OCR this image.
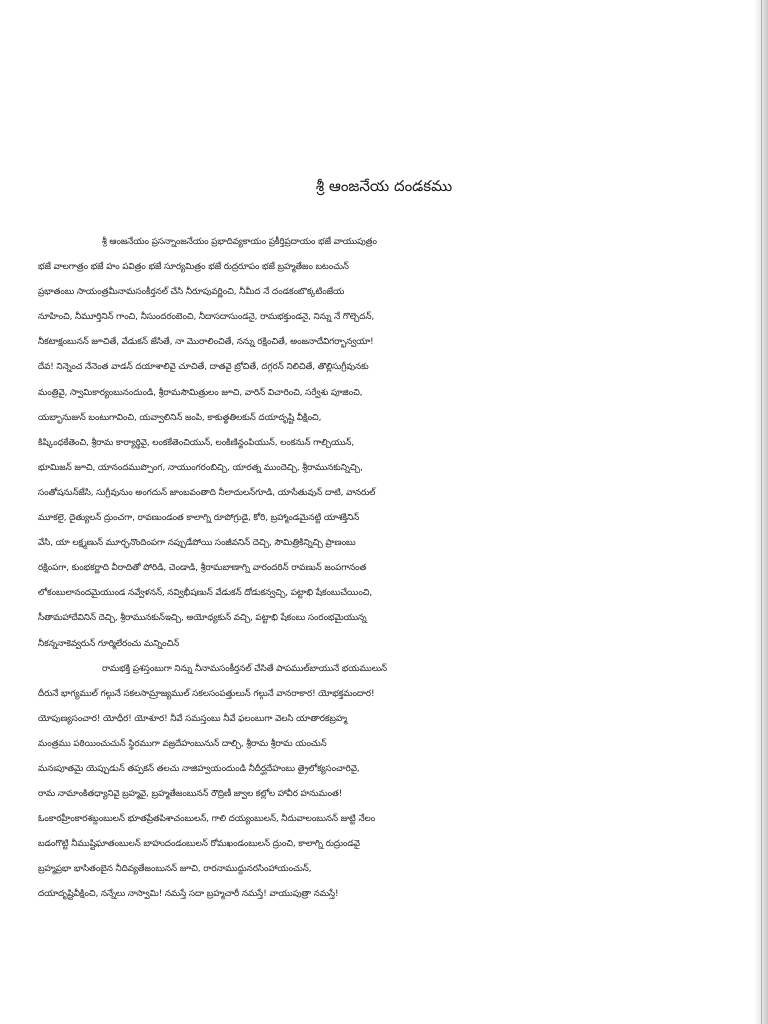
శ్రీ ఆంజనేయ దండకము
శ్రీ ఆంజనేయం ప్రసన్నాంజనేయం ప్రభాదివ్యకాయం ప్రకీర్తిప్రదాయం భజే వాయుపుత్రం
భజే వాలగాత్రం భజే హం పవిత్రం భజే సూర్యమిత్రం భజే రుద్రరూపం భజే బ్రహ్మతేజం బటంచున్
ప్రభాతంబు సాయంత్రమీనామసంకీర్తనల్ చేసి నీరూపువర్ణించి, నీమీద నే దండకంబొక్కటింజేయ
నూహించి, నీమూర్తినిన్ గాంచి, నీసుందరంబెంచి, నీదాసదాసుండనై, రామభక్తుండనై, నిన్ను నే గొల్చెదన్,
నీకటాక్షంబునన్ జూచితే, వేడుకన్ జేసితే, నా మొరాలించితే, నన్ను రక్షించితే, అంజనాదేవిగర్భాన్వయా!
దేవ! నిన్నెంచ నేనెంత వాడన్ దయాశాలివై చూచితే, దాతవై బ్రోచితే, దగ్గరన్ నిలిచితే, తొల్లిసుగ్రీవునకు
మంత్రివై, స్వామికార్యంబునందుండి, శ్రీరామసౌమిత్రులం జూచి, వారిన్ విచారించి, సర్వేశు పూజించి,
యబ్భానుజున్ బంటుగావించి, యవ్వాలినిన్ జంపి, కాకుత్థతిలకున్ దయాదృష్టి వీక్షించి,
కిష్కింధకేతెంచి, శ్రీరామ కార్యార్థివై, లంకకేతెంచియున్, లంకిణిన్జంపియున్, లంకనున్ గాల్చియున్,
భూమిజన్ జూచి, యానందముప్పొంగ, నాయుంగరంబిచ్చి, యారత్న ముందెచ్చి, శ్రీరామునకున్నిచ్చి,
సంతోషనున్‌జేసి, సుగ్రీవునుం అంగదున్ జాంబవంతాది నీలాదులన్‌గూడి, యాసేతువున్ దాటి, వానరుల్
మూకలై, దైత్యులన్ ద్రుంచగా, రావణుండంత కాలాగ్ని రూపోగ్రుడై, కోరి, బ్రహ్మాండమైనట్టి యాశక్తినిన్
వేసి, యా లక్ష్మణున్ మూర్ఛనొందింపగా నప్పుడేపోయి సంజీవనిన్ దెచ్చి, సౌమిత్రికిన్నిచ్చి ప్రాణంబు
రక్షింపగా, కుంభకర్ణాది వీరాదితో పోరిడి, చెండాడి, శ్రీరామబాణాగ్ని వారందరిన్ రావణున్ జంపగానంత
లోకంబులానందమైయుండ నవ్వేళనన్, నవ్విభీషణున్ వేడుకన్ దోడుకన్వచ్చి, పట్టాభి షేకంబుచేయించి,
సీతామహాదేవినిన్ దెచ్చి, శ్రీరామునకున్ఇచ్చి, అయోధ్యకున్ వచ్చి, పట్టాభి షేకంబు సంరంభమైయున్న
నీకన్ననాకెవ్వరున్ గూర్మిలేరంచు మన్నించిన్
రామభక్తి ప్రశస్తంబుగా నిన్ను నీనామసంకీర్తనల్ చేసితే పాపముల్‌బాయునే భయములున్
దీరునే భాగ్యముల్ గల్గునే సకలసామ్రాజ్యముల్ సకలసంపత్తులున్ గల్గునే వానరాకార! యోభక్తమందార!
యోపుణ్యసంచార! యోధీర! యోశూర! నీవే సమస్తంబు నీవే ఫలంబుగా వెలసి యాతారకబ్రహ్మ
మంత్రము పఠియించుచున్ స్థిరముగా వజ్రదేహంబునున్ దాల్చి, శ్రీరామ శ్రీరామ యంచున్
మనఃపూతమై యెప్పుడున్ తప్పకన్ తలచు నాజిహ్వయందుండి నీదీర్ఘదేహంబు త్రైలోక్యసంచారివై,
రామ నామాంకితధ్యానివై బ్రహ్మవై, బ్రహ్మతేజంబునన్ రౌద్రిణీ జ్వాల కల్లోల హావీర హనుమంత!
ఓంకారహ్రీంకారశబ్దంబులన్ భూతప్రేతపిశాచంబులన్, గాలి దయ్యంబులన్, నీదువాలంబునన్ జుట్టి నేలం
బడంగొట్టి నీముష్టిఘాతంబులన్ బాహుదండంబులన్ రోమఖండంబులన్ ద్రుంచి, కాలాగ్ని రుద్రుండవై
బ్రహ్మప్రభా భాసితంబైన నీదివ్యతేజంబునన్ జూచి, రారనాముద్దునరసింహాయంచున్,
దయాదృష్టివీక్షించి, నన్నేలు నాస్వామి! నమస్తే సదా బ్రహ్మచారీ నమస్తే! వాయుపుత్రా నమస్తే!
